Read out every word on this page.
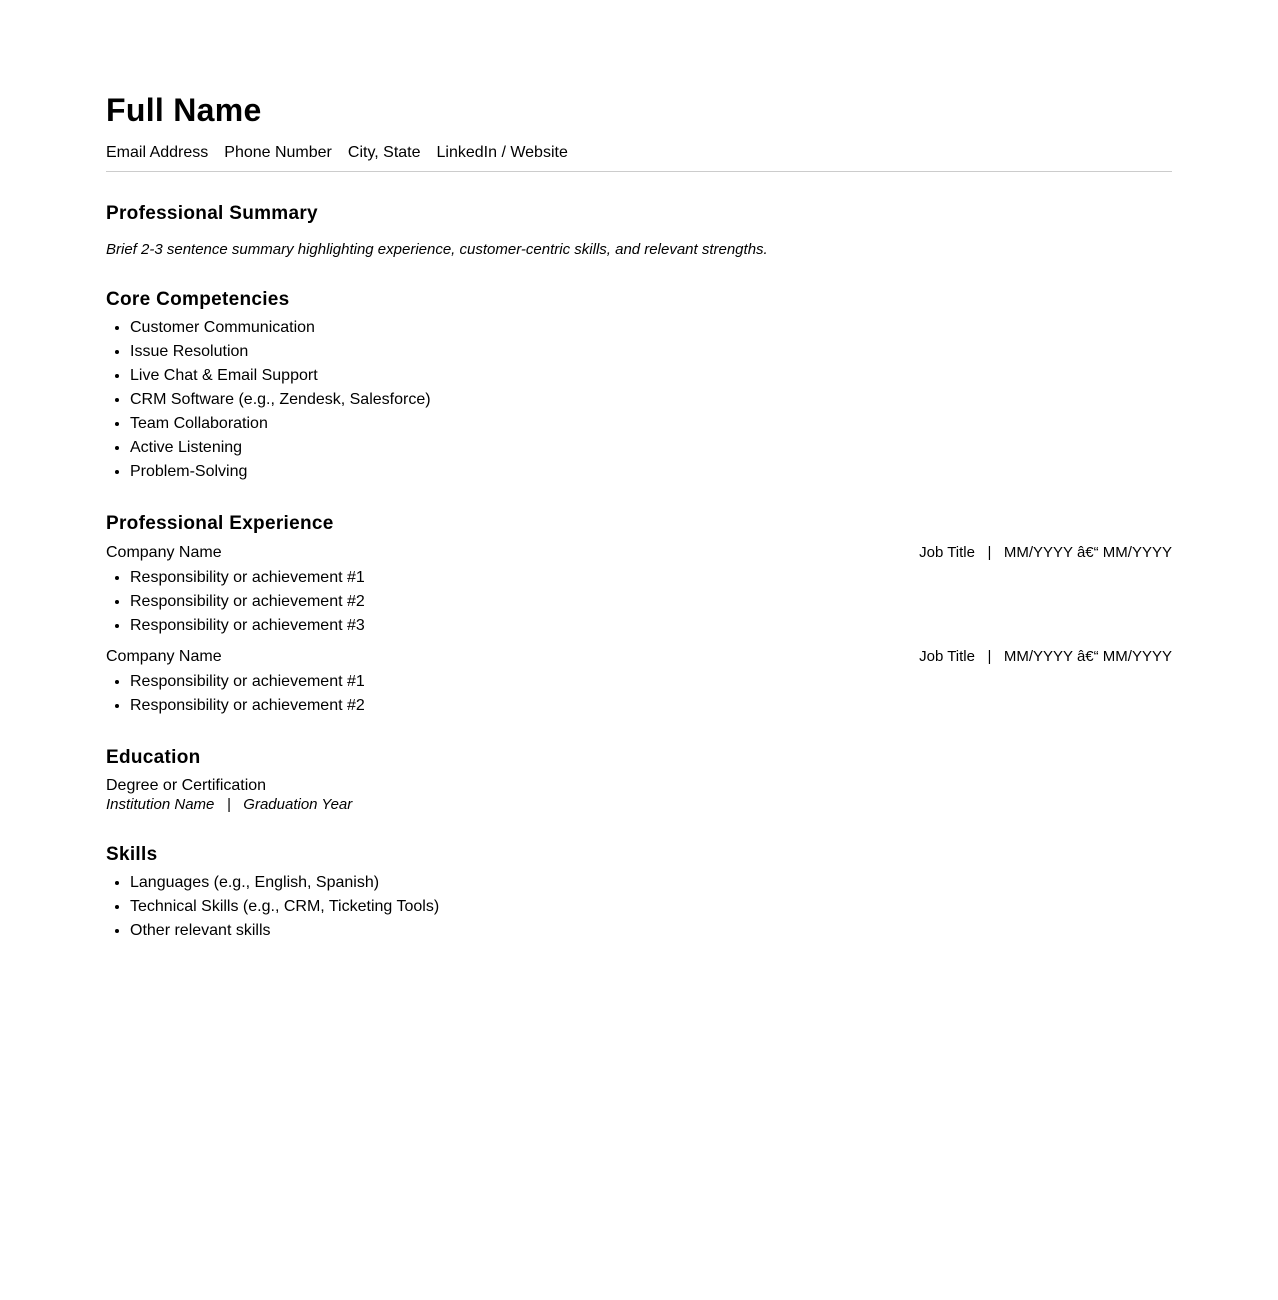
Full Name
Email Address Phone Number City, State LinkedIn / Website
Professional Summary
Brief 2-3 sentence summary highlighting experience, customer-centric skills, and relevant strengths.
Core Competencies
• Customer Communication
• Issue Resolution
• Live Chat & Email Support
• CRM Software (e.g., Zendesk, Salesforce)
• Team Collaboration
• Active Listening
• Problem-Solving
Professional Experience
Company Name	Job Title   |   MM/YYYY â€“ MM/YYYY
• Responsibility or achievement #1
• Responsibility or achievement #2
• Responsibility or achievement #3
Company Name	Job Title   |   MM/YYYY â€“ MM/YYYY
• Responsibility or achievement #1
• Responsibility or achievement #2
Education
Degree or Certification
Institution Name   |   Graduation Year
Skills
• Languages (e.g., English, Spanish)
• Technical Skills (e.g., CRM, Ticketing Tools)
• Other relevant skills
